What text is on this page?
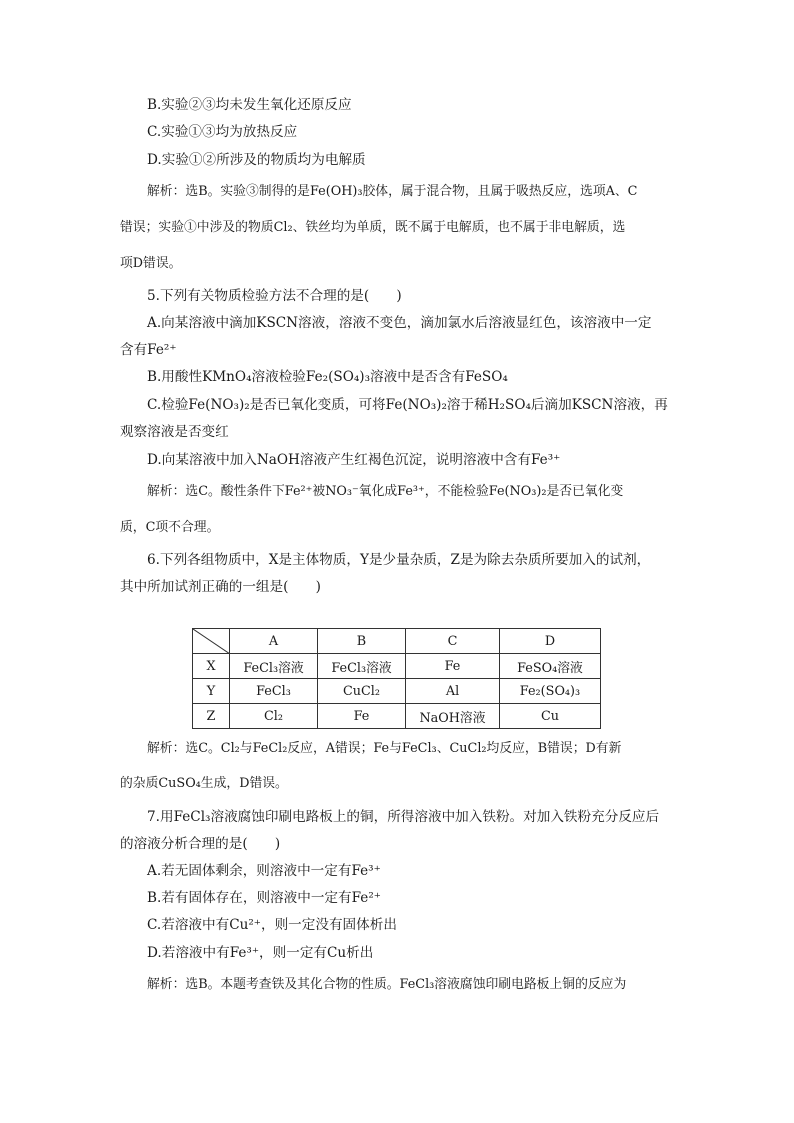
B.实验②③均未发生氧化还原反应
C.实验①③均为放热反应
D.实验①②所涉及的物质均为电解质
解析：选B。实验③制得的是Fe(OH)₃胶体，属于混合物，且属于吸热反应，选项A、C
错误；实验①中涉及的物质Cl₂、铁丝均为单质，既不属于电解质，也不属于非电解质，选
项D错误。
5.下列有关物质检验方法不合理的是(　　)
A.向某溶液中滴加KSCN溶液，溶液不变色，滴加氯水后溶液显红色，该溶液中一定
含有Fe²⁺
B.用酸性KMnO₄溶液检验Fe₂(SO₄)₃溶液中是否含有FeSO₄
C.检验Fe(NO₃)₂是否已氧化变质，可将Fe(NO₃)₂溶于稀H₂SO₄后滴加KSCN溶液，再
观察溶液是否变红
D.向某溶液中加入NaOH溶液产生红褐色沉淀，说明溶液中含有Fe³⁺
解析：选C。酸性条件下Fe²⁺被NO₃⁻氧化成Fe³⁺，不能检验Fe(NO₃)₂是否已氧化变
质，C项不合理。
6.下列各组物质中，X是主体物质，Y是少量杂质，Z是为除去杂质所要加入的试剂，
其中所加试剂正确的一组是(　　)
	A	B	C	D
X	FeCl₃溶液	FeCl₃溶液	Fe	FeSO₄溶液
Y	FeCl₃	CuCl₂	Al	Fe₂(SO₄)₃
Z	Cl₂	Fe	NaOH溶液	Cu
解析：选C。Cl₂与FeCl₂反应，A错误；Fe与FeCl₃、CuCl₂均反应，B错误；D有新
的杂质CuSO₄生成，D错误。
7.用FeCl₃溶液腐蚀印刷电路板上的铜，所得溶液中加入铁粉。对加入铁粉充分反应后
的溶液分析合理的是(　　)
A.若无固体剩余，则溶液中一定有Fe³⁺
B.若有固体存在，则溶液中一定有Fe²⁺
C.若溶液中有Cu²⁺，则一定没有固体析出
D.若溶液中有Fe³⁺，则一定有Cu析出
解析：选B。本题考查铁及其化合物的性质。FeCl₃溶液腐蚀印刷电路板上铜的反应为
